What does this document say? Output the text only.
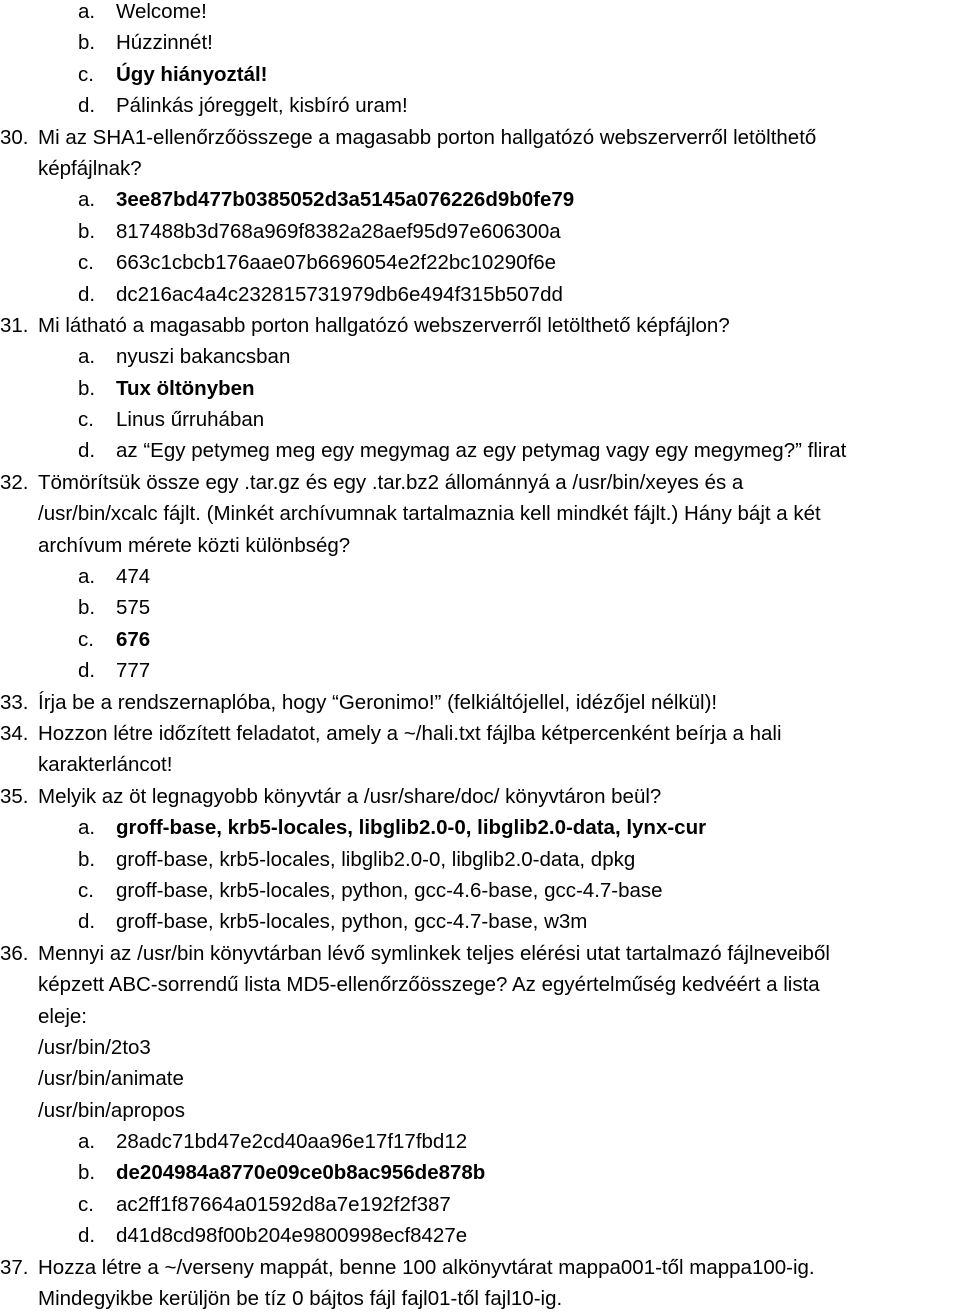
a. Welcome!
b. Húzzinnét!
c. Úgy hiányoztál!
d. Pálinkás jóreggelt, kisbíró uram!
30. Mi az SHA1-ellenőrzőösszege a magasabb porton hallgatózó webszerverről letölthető
képfájlnak?
a. 3ee87bd477b0385052d3a5145a076226d9b0fe79
b. 817488b3d768a969f8382a28aef95d97e606300a
c. 663c1cbcb176aae07b6696054e2f22bc10290f6e
d. dc216ac4a4c232815731979db6e494f315b507dd
31. Mi látható a magasabb porton hallgatózó webszerverről letölthető képfájlon?
a. nyuszi bakancsban
b. Tux öltönyben
c. Linus űrruhában
d. az “Egy petymeg meg egy megymag az egy petymag vagy egy megymeg?” flirat
32. Tömörítsük össze egy .tar.gz és egy .tar.bz2 állománnyá a /usr/bin/xeyes és a
/usr/bin/xcalc fájlt. (Minkét archívumnak tartalmaznia kell mindkét fájlt.) Hány bájt a két
archívum mérete közti különbség?
a. 474
b. 575
c. 676
d. 777
33. Írja be a rendszernaplóba, hogy “Geronimo!” (felkiáltójellel, idézőjel nélkül)!
34. Hozzon létre időzített feladatot, amely a ~/hali.txt fájlba kétpercenként beírja a hali
karakterláncot!
35. Melyik az öt legnagyobb könyvtár a /usr/share/doc/ könyvtáron beül?
a. groff-base, krb5-locales, libglib2.0-0, libglib2.0-data, lynx-cur
b. groff-base, krb5-locales, libglib2.0-0, libglib2.0-data, dpkg
c. groff-base, krb5-locales, python, gcc-4.6-base, gcc-4.7-base
d. groff-base, krb5-locales, python, gcc-4.7-base, w3m
36. Mennyi az /usr/bin könyvtárban lévő symlinkek teljes elérési utat tartalmazó fájlneveiből
képzett ABC-sorrendű lista MD5-ellenőrzőösszege? Az egyértelműség kedvéért a lista
eleje:
/usr/bin/2to3
/usr/bin/animate
/usr/bin/apropos
a. 28adc71bd47e2cd40aa96e17f17fbd12
b. de204984a8770e09ce0b8ac956de878b
c. ac2ff1f87664a01592d8a7e192f2f387
d. d41d8cd98f00b204e9800998ecf8427e
37. Hozza létre a ~/verseny mappát, benne 100 alkönyvtárat mappa001-től mappa100-ig.
Mindegyikbe kerüljön be tíz 0 bájtos fájl fajl01-től fajl10-ig.
